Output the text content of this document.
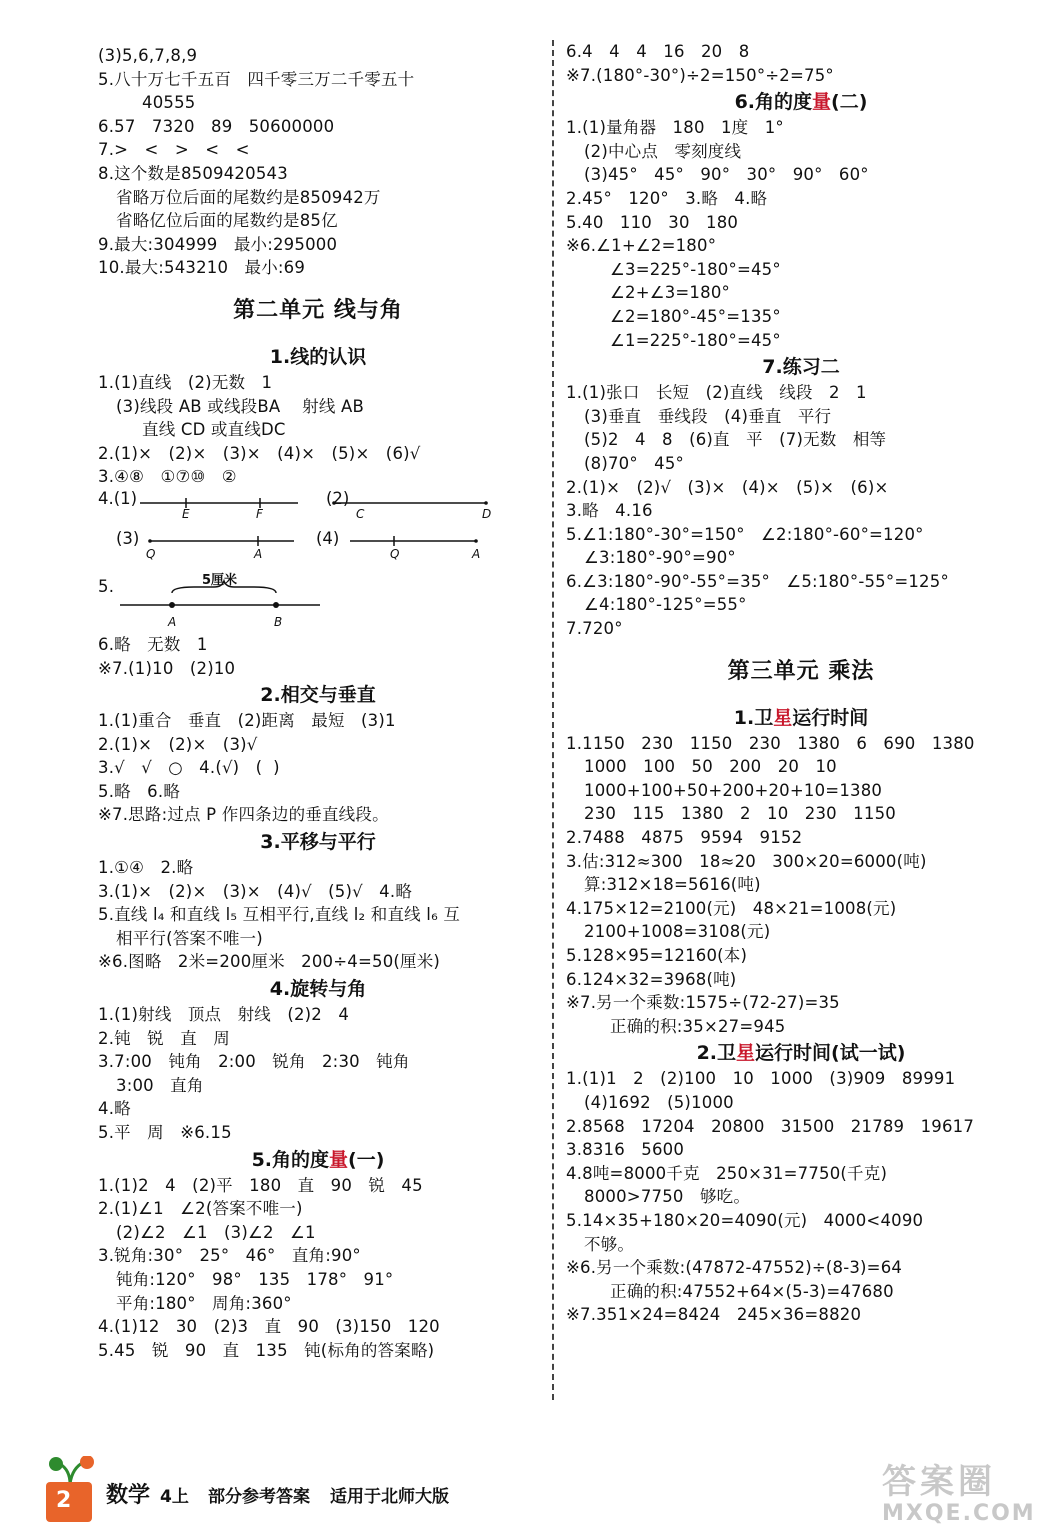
(3)5,6,7,8,9
5.八十万七千五百   四千零三万二千零五十
40555
6.57   7320   89   50600000
7.>   <   >   <   <
8.这个数是8509420543
省略万位后面的尾数约是850942万
省略亿位后面的尾数约是85亿
9.最大:304999   最小:295000
10.最大:543210   最小:69
第二单元 线与角
1.线的认识
1.(1)直线   (2)无数   1
(3)线段 AB 或线段BA    射线 AB
直线 CD 或直线DC
2.(1)×   (2)×   (3)×   (4)×   (5)×   (6)√
3.④⑧   ①⑦⑩   ②
4.(1)	(2)
E	F	C	D
(3)	(4)
Q	A	Q	A
5.	5厘米
A	B
6.略   无数   1
※7.(1)10   (2)10
2.相交与垂直
1.(1)重合   垂直   (2)距离   最短   (3)1
2.(1)×   (2)×   (3)√
3.√   √   ○   4.(√)   (  )
5.略   6.略
※7.思路:过点 P 作四条边的垂直线段。
3.平移与平行
1.①④   2.略
3.(1)×   (2)×   (3)×   (4)√   (5)√   4.略
5.直线 l₄ 和直线 l₅ 互相平行,直线 l₂ 和直线 l₆ 互
相平行(答案不唯一)
※6.图略   2米=200厘米   200÷4=50(厘米)
4.旋转与角
1.(1)射线   顶点   射线   (2)2   4
2.钝   锐   直   周
3.7:00   钝角   2:00   锐角   2:30   钝角
3:00   直角
4.略
5.平   周   ※6.15
5.角的度量(一)
1.(1)2   4   (2)平   180   直   90   锐   45
2.(1)∠1   ∠2(答案不唯一)
(2)∠2   ∠1   (3)∠2   ∠1
3.锐角:30°   25°   46°   直角:90°
钝角:120°   98°   135   178°   91°
平角:180°   周角:360°
4.(1)12   30   (2)3   直   90   (3)150   120
5.45   锐   90   直   135   钝(标角的答案略)
6.4   4   4   16   20   8
※7.(180°-30°)÷2=150°÷2=75°
6.角的度量(二)
1.(1)量角器   180   1度   1°
(2)中心点   零刻度线
(3)45°   45°   90°   30°   90°   60°
2.45°   120°   3.略   4.略
5.40   110   30   180
※6.∠1+∠2=180°
∠3=225°-180°=45°
∠2+∠3=180°
∠2=180°-45°=135°
∠1=225°-180°=45°
7.练习二
1.(1)张口   长短   (2)直线   线段   2   1
(3)垂直   垂线段   (4)垂直   平行
(5)2   4   8   (6)直   平   (7)无数   相等
(8)70°   45°
2.(1)×   (2)√   (3)×   (4)×   (5)×   (6)×
3.略   4.16
5.∠1:180°-30°=150°   ∠2:180°-60°=120°
∠3:180°-90°=90°
6.∠3:180°-90°-55°=35°   ∠5:180°-55°=125°
∠4:180°-125°=55°
7.720°
第三单元 乘法
1.卫星运行时间
1.1150   230   1150   230   1380   6   690   1380
1000   100   50   200   20   10
1000+100+50+200+20+10=1380
230   115   1380   2   10   230   1150
2.7488   4875   9594   9152
3.估:312≈300   18≈20   300×20=6000(吨)
算:312×18=5616(吨)
4.175×12=2100(元)   48×21=1008(元)
2100+1008=3108(元)
5.128×95=12160(本)
6.124×32=3968(吨)
※7.另一个乘数:1575÷(72-27)=35
正确的积:35×27=945
2.卫星运行时间(试一试)
1.(1)1   2   (2)100   10   1000   (3)909   89991
(4)1692   (5)1000
2.8568   17204   20800   31500   21789   19617
3.8316   5600
4.8吨=8000千克   250×31=7750(千克)
8000>7750   够吃。
5.14×35+180×20=4090(元)   4000<4090
不够。
※6.另一个乘数:(47872-47552)÷(8-3)=64
正确的积:47552+64×(5-3)=47680
※7.351×24=8424   245×36=8820
2 数学 4上 部分参考答案 适用于北师大版	答案圈
MXQE.COM
